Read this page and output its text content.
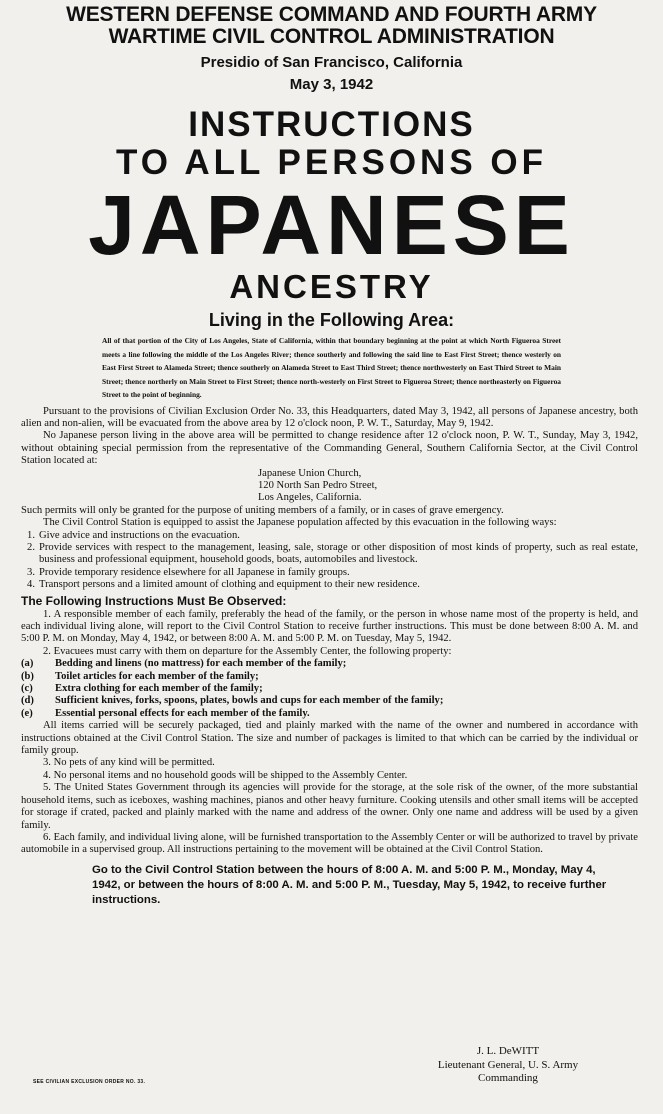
WESTERN DEFENSE COMMAND AND FOURTH ARMY
WARTIME CIVIL CONTROL ADMINISTRATION
Presidio of San Francisco, California
May 3, 1942
INSTRUCTIONS
TO ALL PERSONS OF
JAPANESE
ANCESTRY
Living in the Following Area:
All of that portion of the City of Los Angeles, State of California, within that boundary beginning at the point at which North Figueroa Street meets a line following the middle of the Los Angeles River; thence southerly and following the said line to East First Street; thence westerly on East First Street to Alameda Street; thence southerly on Alameda Street to East Third Street; thence northwesterly on East Third Street to Main Street; thence northerly on Main Street to First Street; thence north-westerly on First Street to Figueroa Street; thence northeasterly on Figueroa Street to the point of beginning.

Pursuant to the provisions of Civilian Exclusion Order No. 33, this Headquarters, dated May 3, 1942, all persons of Japanese ancestry, both alien and non-alien, will be evacuated from the above area by 12 o'clock noon, P. W. T., Saturday, May 9, 1942.

No Japanese person living in the above area will be permitted to change residence after 12 o'clock noon, P. W. T., Sunday, May 3, 1942, without obtaining special permission from the representative of the Commanding General, Southern California Sector, at the Civil Control Station located at:

Japanese Union Church,
120 North San Pedro Street,
Los Angeles, California.

Such permits will only be granted for the purpose of uniting members of a family, or in cases of grave emergency.

The Civil Control Station is equipped to assist the Japanese population affected by this evacuation in the following ways:

1. Give advice and instructions on the evacuation.
2. Provide services with respect to the management, leasing, sale, storage or other disposition of most kinds of property, such as real estate, business and professional equipment, household goods, boats, automobiles and livestock.
3. Provide temporary residence elsewhere for all Japanese in family groups.
4. Transport persons and a limited amount of clothing and equipment to their new residence.
The Following Instructions Must Be Observed:

1. A responsible member of each family, preferably the head of the family, or the person in whose name most of the property is held, and each individual living alone, will report to the Civil Control Station to receive further instructions. This must be done between 8:00 A. M. and 5:00 P. M. on Monday, May 4, 1942, or between 8:00 A. M. and 5:00 P. M. on Tuesday, May 5, 1942.

2. Evacuees must carry with them on departure for the Assembly Center, the following property:

(a) Bedding and linens (no mattress) for each member of the family;
(b) Toilet articles for each member of the family;
(c) Extra clothing for each member of the family;
(d) Sufficient knives, forks, spoons, plates, bowls and cups for each member of the family;
(e) Essential personal effects for each member of the family.

All items carried will be securely packaged, tied and plainly marked with the name of the owner and numbered in accordance with instructions obtained at the Civil Control Station. The size and number of packages is limited to that which can be carried by the individual or family group.

3. No pets of any kind will be permitted.

4. No personal items and no household goods will be shipped to the Assembly Center.

5. The United States Government through its agencies will provide for the storage, at the sole risk of the owner, of the more substantial household items, such as iceboxes, washing machines, pianos and other heavy furniture. Cooking utensils and other small items will be accepted for storage if crated, packed and plainly marked with the name and address of the owner. Only one name and address will be used by a given family.

6. Each family, and individual living alone, will be furnished transportation to the Assembly Center or will be authorized to travel by private automobile in a supervised group. All instructions pertaining to the movement will be obtained at the Civil Control Station.

Go to the Civil Control Station between the hours of 8:00 A. M. and 5:00 P. M., Monday, May 4, 1942, or between the hours of 8:00 A. M. and 5:00 P. M., Tuesday, May 5, 1942, to receive further instructions.
J. L. DeWITT
Lieutenant General, U. S. Army
Commanding
SEE CIVILIAN EXCLUSION ORDER NO. 33.
